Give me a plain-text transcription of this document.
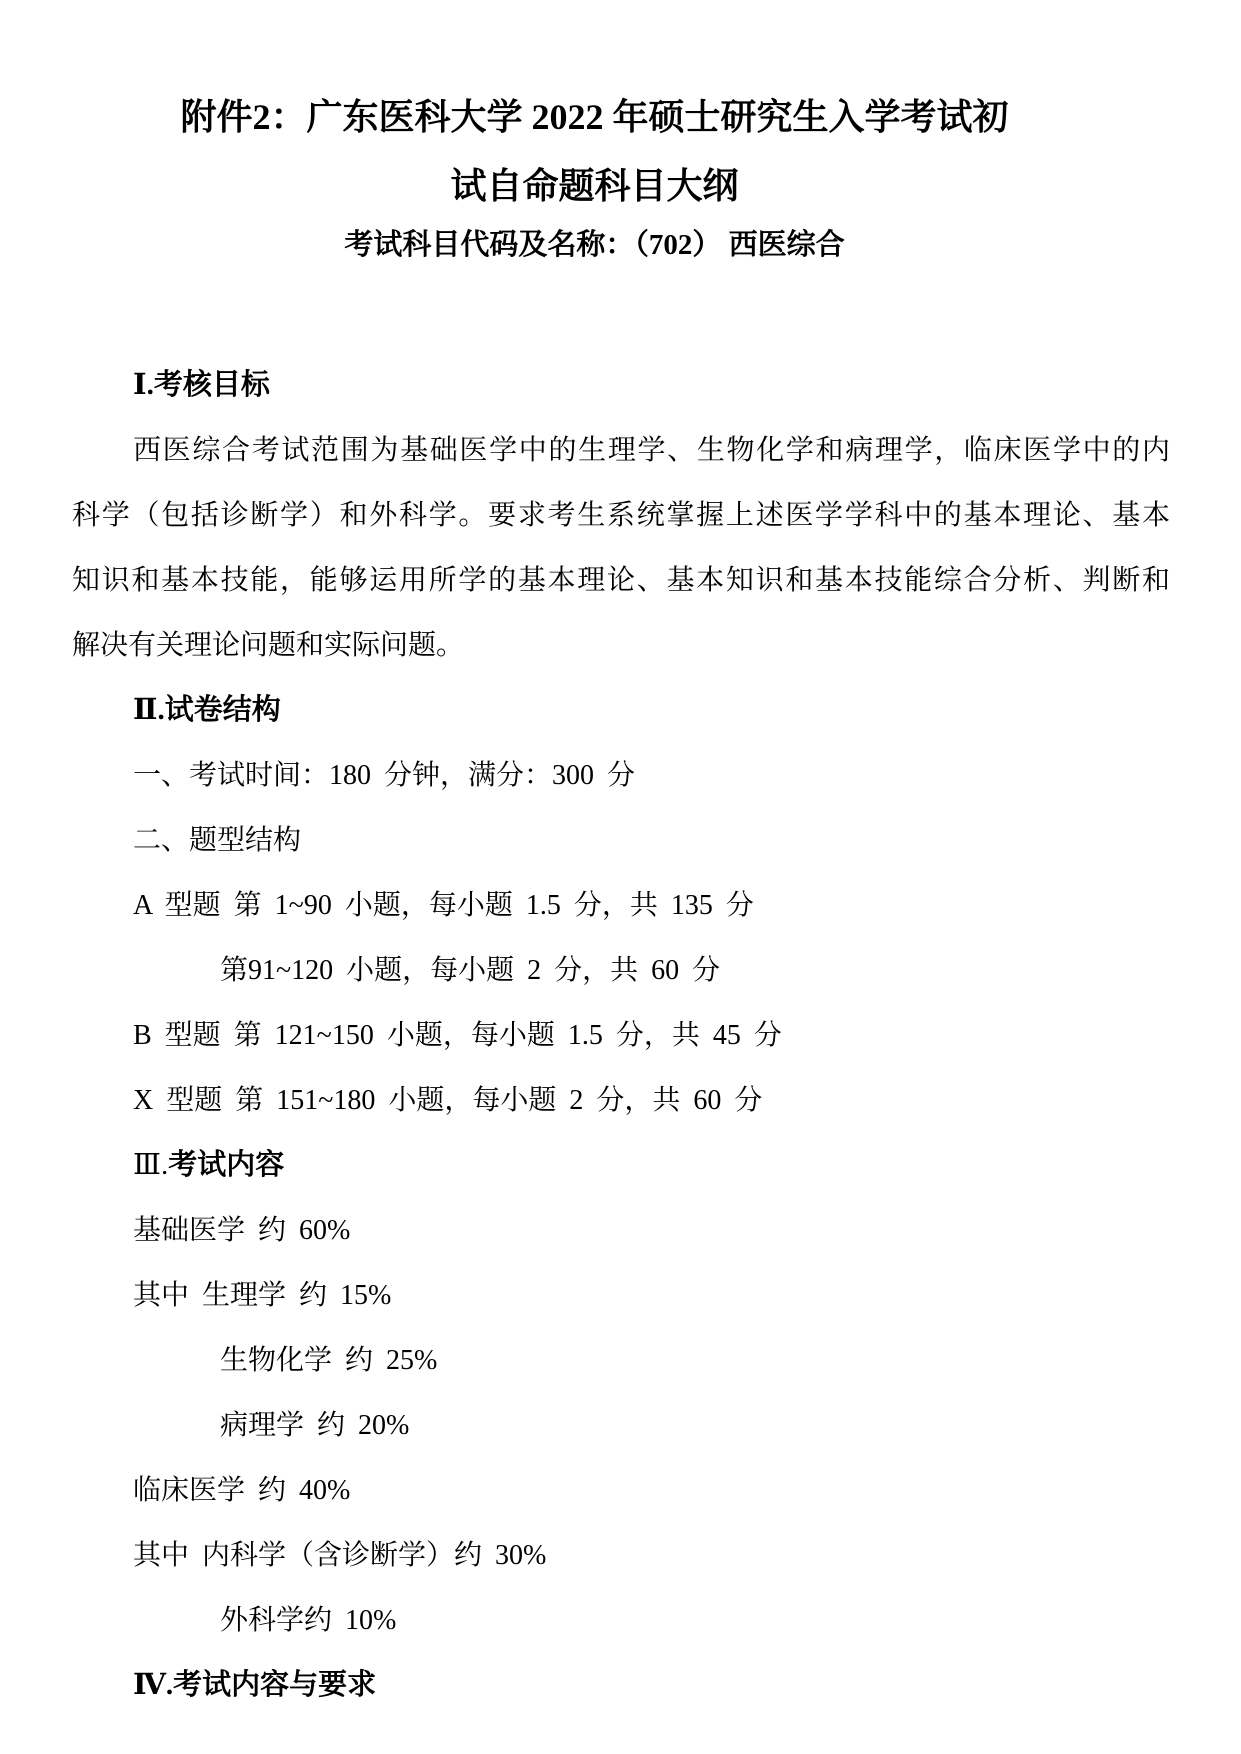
附件2：广东医科大学 2022 年硕士研究生入学考试初
试自命题科目大纲
考试科目代码及名称：（702） 西医综合
Ⅰ.考核目标
西医综合考试范围为基础医学中的生理学、生物化学和病理学，临床医学中的内
科学（包括诊断学）和外科学。要求考生系统掌握上述医学学科中的基本理论、基本
知识和基本技能，能够运用所学的基本理论、基本知识和基本技能综合分析、判断和
解决有关理论问题和实际问题。
Ⅱ.试卷结构
一、考试时间：180 分钟，满分：300 分
二、题型结构
A 型题 第 1~90 小题，每小题 1.5 分，共 135 分
第91~120 小题，每小题 2 分，共 60 分
B 型题 第 121~150 小题，每小题 1.5 分，共 45 分
X 型题 第 151~180 小题，每小题 2 分，共 60 分
Ⅲ.考试内容
基础医学 约 60%
其中 生理学 约 15%
生物化学 约 25%
病理学 约 20%
临床医学 约 40%
其中 内科学（含诊断学）约 30%
外科学约 10%
Ⅳ.考试内容与要求
